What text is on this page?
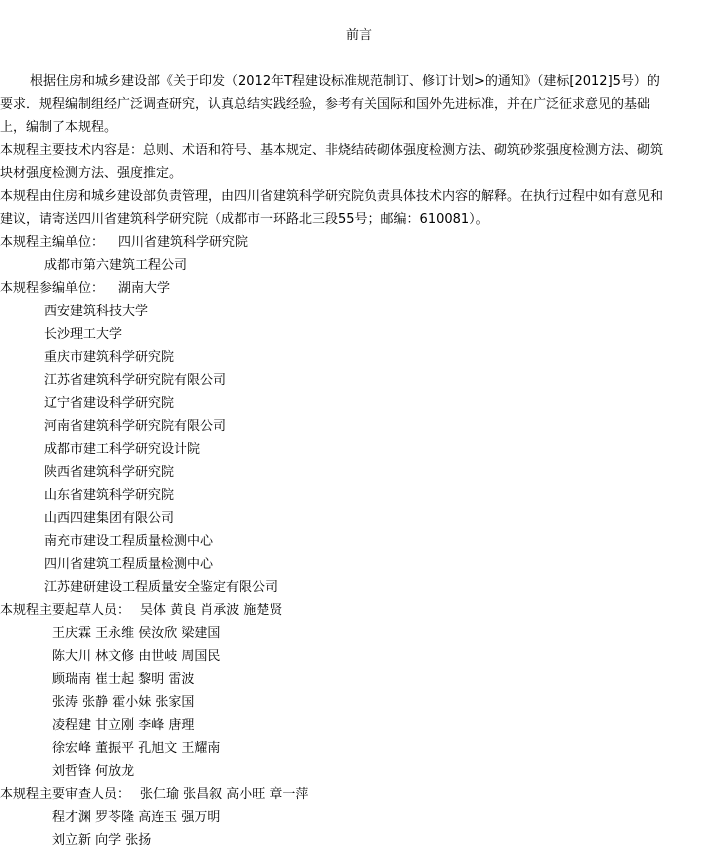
前言
根据住房和城乡建设部《关于印发（2012年T程建设标准规范制订、修订计划>的通知》（建标[2012]5号）的
要求．规程编制组经广泛调查研究，认真总结实践经验，参考有关国际和国外先进标准，并在广泛征求意见的基础
上，编制了本规程。
本规程主要技术内容是：总则、术语和符号、基本规定、非烧结砖砌体强度检测方法、砌筑砂浆强度检测方法、砌筑
块材强度检测方法、强度推定。
本规程由住房和城乡建设部负责管理，由四川省建筑科学研究院负责具体技术内容的解释。在执行过程中如有意见和
建议，请寄送四川省建筑科学研究院（成都市一环路北三段55号；邮编：610081）。
本规程主编单位： 四川省建筑科学研究院
成都市第六建筑工程公司
本规程参编单位： 湖南大学
西安建筑科技大学
长沙理工大学
重庆市建筑科学研究院
江苏省建筑科学研究院有限公司
辽宁省建设科学研究院
河南省建筑科学研究院有限公司
成都市建工科学研究设计院
陕西省建筑科学研究院
山东省建筑科学研究院
山西四建集团有限公司
南充市建设工程质量检测中心
四川省建筑工程质量检测中心
江苏建研建设工程质量安全鉴定有限公司
本规程主要起草人员： 吴体 黄良 肖承波 施楚贤
王庆霖 王永维 侯汝欣 梁建国
陈大川 林文修 由世岐 周国民
顾瑞南 崔士起 黎明 雷波
张涛 张静 霍小妹 张家国
凌程建 甘立刚 李峰 唐理
徐宏峰 董振平 孔旭文 王耀南
刘哲锋 何放龙
本规程主要审查人员： 张仁瑜 张昌叙 高小旺 章一萍
程才渊 罗苓隆 高连玉 强万明
刘立新 向学 张扬
